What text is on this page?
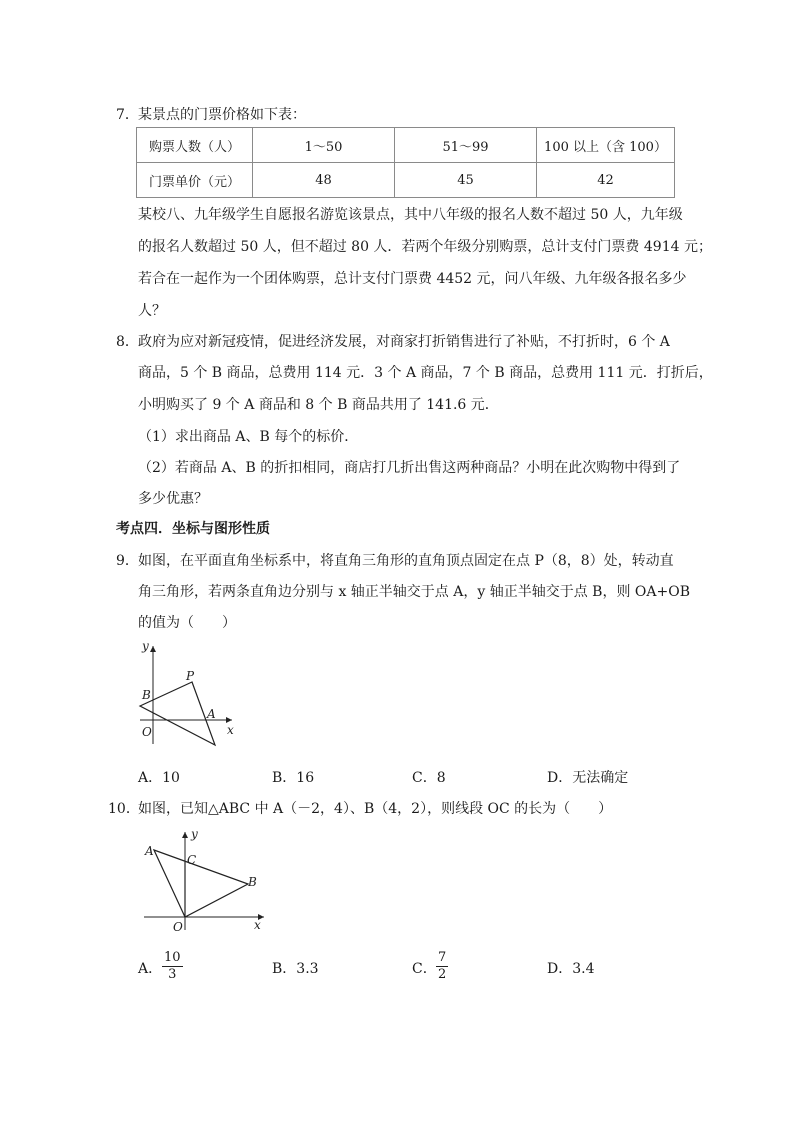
7． 某景点的门票价格如下表：
购票人数（人）	1～50	51～99	100 以上（含 100）
门票单价（元）	48	45	42
某校八、九年级学生自愿报名游览该景点，其中八年级的报名人数不超过 50 人，九年级
的报名人数超过 50 人，但不超过 80 人．若两个年级分别购票，总计支付门票费 4914 元；
若合在一起作为一个团体购票，总计支付门票费 4452 元，问八年级、九年级各报名多少
人？
8． 政府为应对新冠疫情，促进经济发展，对商家打折销售进行了补贴，不打折时，6 个 A
商品，5 个 B 商品，总费用 114 元．3 个 A 商品，7 个 B 商品，总费用 111 元．打折后，
小明购买了 9 个 A 商品和 8 个 B 商品共用了 141.6 元．
（1）求出商品 A、B 每个的标价．
（2）若商品 A、B 的折扣相同，商店打几折出售这两种商品？小明在此次购物中得到了
多少优惠？
考点四．坐标与图形性质
9． 如图，在平面直角坐标系中，将直角三角形的直角顶点固定在点 P（8，8）处，转动直
角三角形，若两条直角边分别与 x 轴正半轴交于点 A，y 轴正半轴交于点 B，则 OA+OB
的值为（　　）
y
x
O
P
B
A
A．10	B．16	C．8	D．无法确定
10．
如图，已知△ABC 中 A（－2，4）、B（4，2），则线段 OC 的长为（　　）
y
x
O
A
B
C
A． $\frac{10}{3}$	B．3.3	C． $\frac{7}{2}$	D．3.4
